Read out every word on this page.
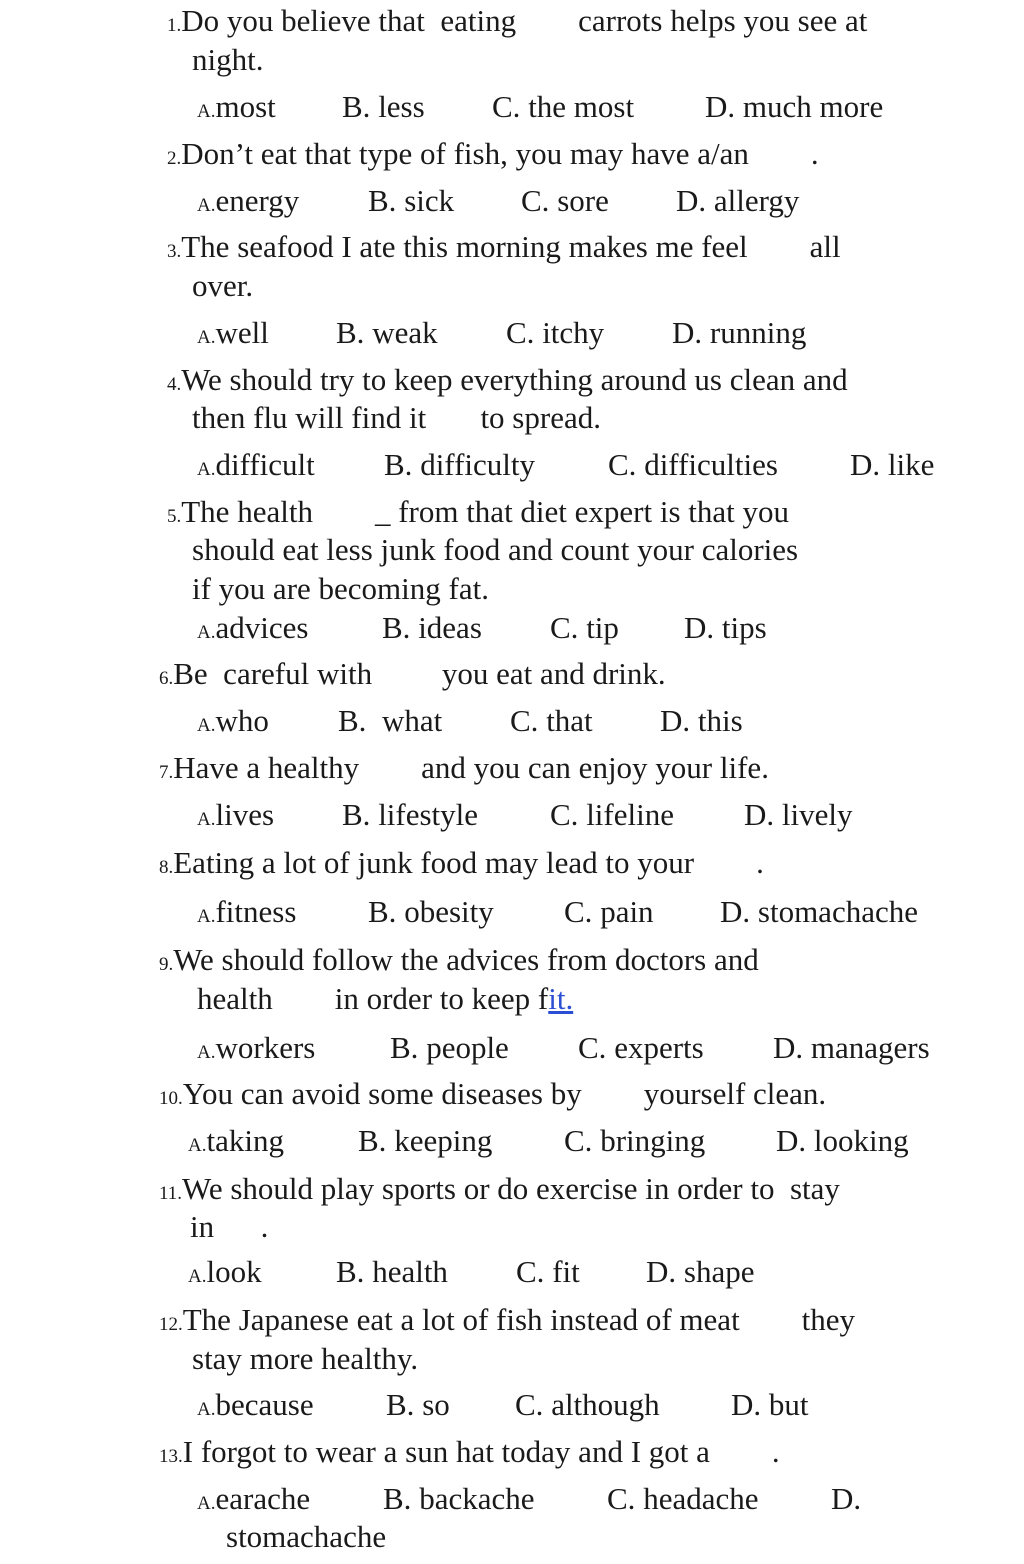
1.Do you believe that  eating        carrots helps you see at
night.
A.most B. less C. the most D. much more
2.Don’t eat that type of fish, you may have a/an        .
A.energy B. sick C. sore D. allergy
3.The seafood I ate this morning makes me feel        all
over.
A.well B. weak C. itchy D. running
4.We should try to keep everything around us clean and
then flu will find it       to spread.
A.difficult B. difficulty C. difficulties D. like
5.The health        _ from that diet expert is that you
should eat less junk food and count your calories
if you are becoming fat.
A.advices B. ideas C. tip D. tips
6.Be  careful with         you eat and drink.
A.who B.  what C. that D. this
7.Have a healthy        and you can enjoy your life.
A.lives B. lifestyle C. lifeline D. lively
8.Eating a lot of junk food may lead to your        .
A.fitness B. obesity C. pain D. stomachache
9.We should follow the advices from doctors and
health        in order to keep fit.
A.workers B. people C. experts D. managers
10.You can avoid some diseases by        yourself clean.
A.taking B. keeping C. bringing D. looking
11.We should play sports or do exercise in order to  stay
in      .
A.look B. health C. fit D. shape
12.The Japanese eat a lot of fish instead of meat        they
stay more healthy.
A.because B. so C. although D. but
13.I forgot to wear a sun hat today and I got a        .
A.earache B. backache C. headache D.
stomachache
